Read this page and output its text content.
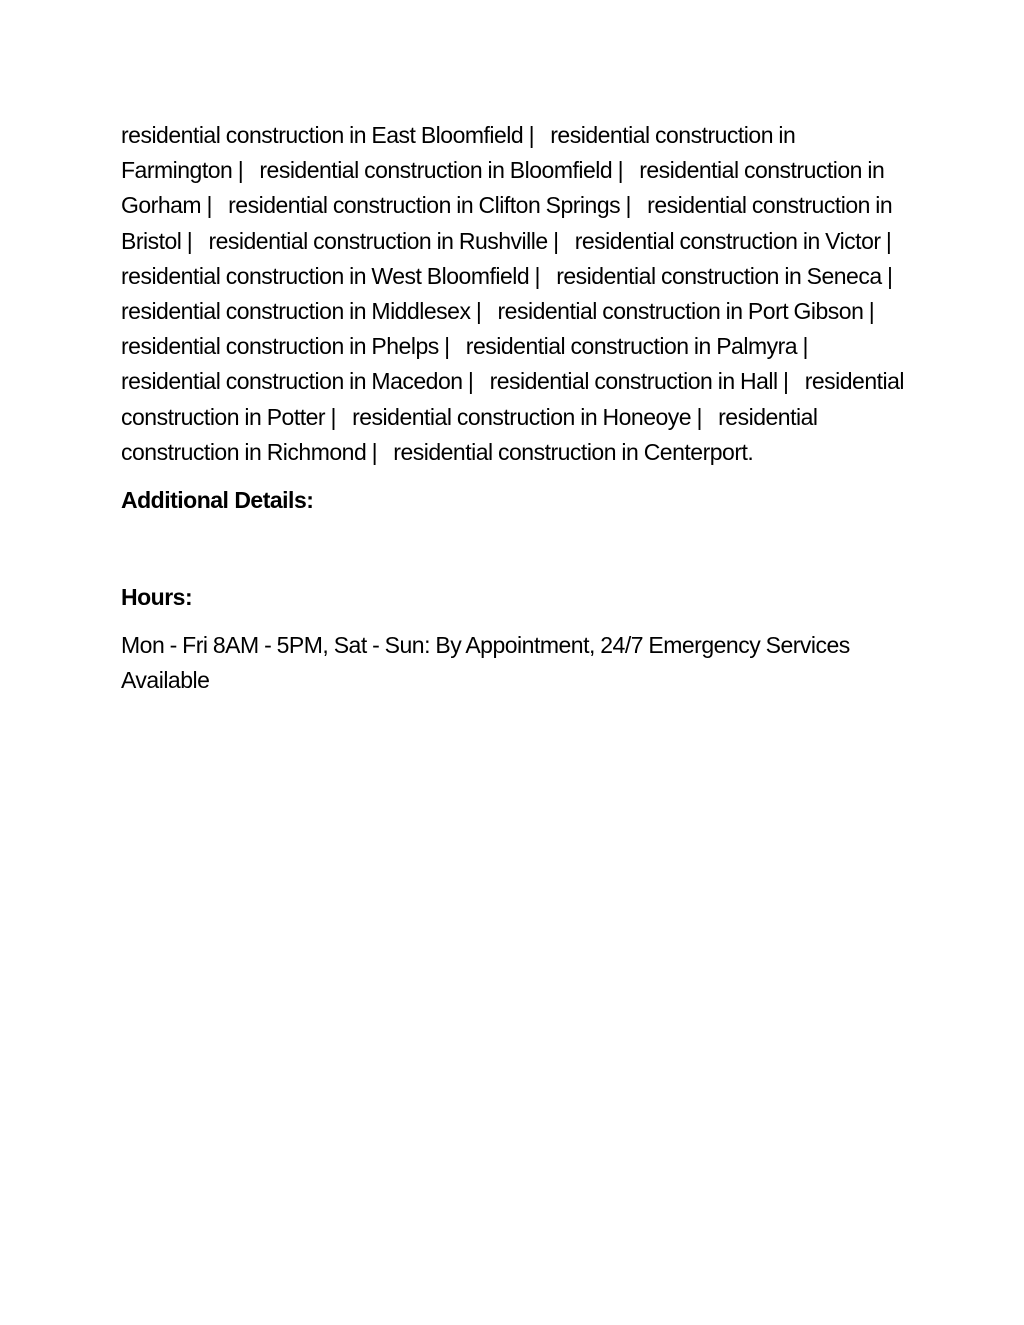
residential construction in East Bloomfield |   residential construction in Farmington |   residential construction in Bloomfield |   residential construction in Gorham |   residential construction in Clifton Springs |   residential construction in Bristol |   residential construction in Rushville |   residential construction in Victor |   residential construction in West Bloomfield |   residential construction in Seneca |   residential construction in Middlesex |   residential construction in Port Gibson |   residential construction in Phelps |   residential construction in Palmyra |   residential construction in Macedon |   residential construction in Hall |   residential construction in Potter |   residential construction in Honeoye |   residential construction in Richmond |   residential construction in Centerport.

Additional Details:
Hours:

Mon - Fri 8AM - 5PM, Sat - Sun: By Appointment, 24/7 Emergency Services Available
